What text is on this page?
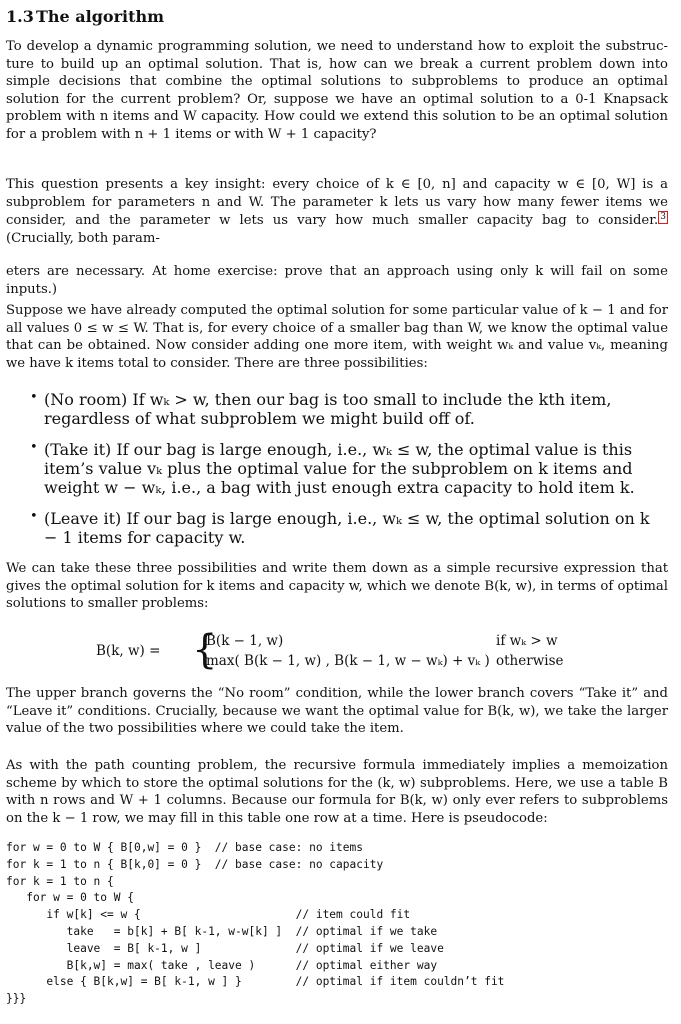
1.3 The algorithm

To develop a dynamic programming solution, we need to understand how to exploit the substructure to build up an optimal solution. That is, how can we break a current problem down into simple decisions that combine the optimal solutions to subproblems to produce an optimal solution for the current problem? Or, suppose we have an optimal solution to a 0-1 Knapsack problem with n items and W capacity. How could we extend this solution to be an optimal solution for a problem with n + 1 items or with W + 1 capacity?

This question presents a key insight: every choice of k ∈ [0, n] and capacity w ∈ [0, W] is a subproblem for parameters n and W. The parameter k lets us vary how many fewer items we consider, and the parameter w lets us vary how much smaller capacity bag to consider. 3 (Crucially, both param-

eters are necessary. At home exercise: prove that an approach using only k will fail on some inputs.)

Suppose we have already computed the optimal solution for some particular value of k − 1 and for all values 0 ≤ w ≤ W. That is, for every choice of a smaller bag than W, we know the optimal value that can be obtained. Now consider adding one more item, with weight wₖ and value vₖ, meaning we have k items total to consider. There are three possibilities:

• (No room) If wₖ > w, then our bag is too small to include the kth item, regardless of what subproblem we might build off of.
• (Take it) If our bag is large enough, i.e., wₖ ≤ w, the optimal value is this item’s value vₖ plus the optimal value for the subproblem on k items and weight w − wₖ, i.e., a bag with just enough extra capacity to hold item k.
• (Leave it) If our bag is large enough, i.e., wₖ ≤ w, the optimal solution on k − 1 items for capacity w.

We can take these three possibilities and write them down as a simple recursive expression that gives the optimal solution for k items and capacity w, which we denote B(k, w), in terms of optimal solutions to smaller problems:

B(k, w) = {
B(k − 1, w)
max( B(k − 1, w) , B(k − 1, w − wₖ) + vₖ )
if wₖ > w
otherwise

The upper branch governs the “No room” condition, while the lower branch covers “Take it” and “Leave it” conditions. Crucially, because we want the optimal value for B(k, w), we take the larger value of the two possibilities where we could take the item.

As with the path counting problem, the recursive formula immediately implies a memoization scheme by which to store the optimal solutions for the (k, w) subproblems. Here, we use a table B with n rows and W + 1 columns. Because our formula for B(k, w) only ever refers to subproblems on the k − 1 row, we may fill in this table one row at a time. Here is pseudocode:

for w = 0 to W { B[0,w] = 0 }  // base case: no items
for k = 1 to n { B[k,0] = 0 }  // base case: no capacity
for k = 1 to n {
for w = 0 to W {
if w[k] <= w {                       // item could fit
take   = b[k] + B[ k-1, w-w[k] ]  // optimal if we take
leave  = B[ k-1, w ]              // optimal if we leave
B[k,w] = max( take , leave )      // optimal either way
else { B[k,w] = B[ k-1, w ] }        // optimal if item couldn’t fit
}}}
